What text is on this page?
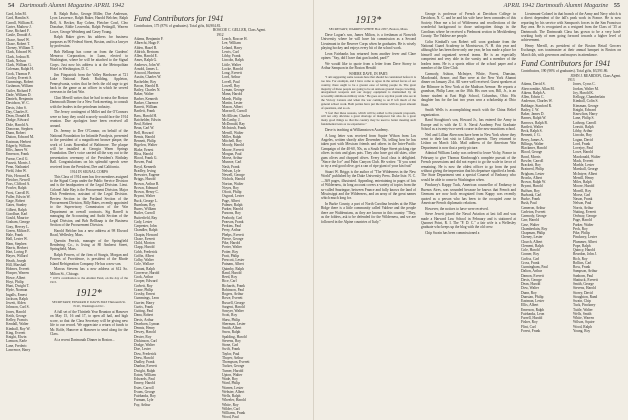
54 Dartmouth Alumni Magazine APRIL 1942
Card, John M.
Card, Hamlin S.
Carroll, William E.
Carter, Mathew J.
Case, Richard F.
Castle, Donald A.
Chace, Ansel W.
Chase, Robert T.
Cheney, William T.
Clark, Edward W.
Clark, Joshua B.
Clark, Nelson
Clark, William G.
Coleman, Ralph H.
Cook, Thomas P.
Cooley, Everett S.
Cummings, Robert
Cushman, William
Cutler, Richard F.
Dade, William D.
Daniels, Benjamin
Davidson, W. C.
Davis, John S.
Day, Charles E.
Dean, Donald B.
Dodge, Edward
Dole, Harold A.
Donovan, Stephen
Dunn, Robert
Dutton, Edward M.
Eastman, Herbert
Edgerly, William
Ellis, James W.
Emerson, Frank
Farrar, Cecil G.
Fassett, Morris J.
Fenn, Nathaniel
Field, John W.
Fitts, Howard K.
Fletcher, Newell
Foss, Clifford A.
Fowler, Ralph
Frost, Carroll B.
Fuller, Edwin W.
Gage, Robert
Gates, Stanley
Gilbert, Ralph
Goodhue, Karl
Gould, Maurice
Graham, George
Gray, Hervey L.
Green, Milton E.
Hale, Frank
Hall, Lester W.
Ham, Stephen
Harris, Herbert
Hart, Loring P.
Hayes, Willard
Heath, Joseph
Hill, Marshall
Holmes, Everett
Hooper, Warren
Howe, Albert
Hoyt, Philip
Hunt, Dwight T.
Hyde, Norman
Ingalls, Ernest
Jackson, Ralph
Jewett, Alden
Johnson, Carl S.
Jones, Harold
Keith, George
Kelley, Francis
Kendall, Walter
Kimball, Roy W.
King, Everett
Knight, Elwin
Lamson, Earle
Lane, Frederic
Lawrence, Harry

R. Ralph Bobo, George Miller, Doe Anderson, Lyon Lawrence, Ralph Baker, Harold Belcher, Ralph Bell, A. Becker, Ray Cohen, Fletcher Cowl, Cleo Donahue, Eddie Leavenlat, Ralph Pettingill, Warren Lowe, George Weinberg and Casey Young.

Ralph Baker gives his address for business purposes as 90 Federal Street, Boston, and is a lawyer by profession.

Bob Belknap has come on from the Gardens' Menorca Corporation, in Lunn, elected to Washington, where he will be attached to the Signal Corps. Just now his address is at the Metropolitan Hotel in Washington, D. C.

Jim Fitzpatrick from the Valley Hardware at 721 Lake National Bank Building, Appleton, Pennsylvania, writes that he feels the old urge to get back in the game as an officer in which he served overseas in the last War.

Clint Merrill writes that he had to miss the Boston Dartmouth Dinner for a New York meeting, to consult with the leaders in the petroleum industry.

The Jersey contingent of Millet and the O'Connors were so busy they could scarcely would face the 1914 reunion. Due apologies have been received all around.

Dr. Jeremy to Dee O'Connor, on behalf of the National Foundation for Infantile Paralysis, presented to the president of a magnificent bronze plaque, the work of Louis Rosenthal of Baltimore. The plaque will be installed at Georgia Warm Springs Foundation. Dee's voice carried all the way out to the presentation ceremony of the President's Birthday Ball. Congratulations on his splendid speech were received from the President, Dee and California.

1914 IN SIGNAL CORPS

This Class of 1914 men has five members assigned to the Signal Corps under the Public Service Division and is the headquarters of the Legal Division. Lieut. Colonel Julie Hay is the Procurement Division. Major Dick Pemberton, assistant of the Legal Division. Review Section in the Portland Section of the Procurement Division, Billy Bates, recently appointed to the Supervisory Commission of the War Department on overall contracts. Sig Barrell is managing the Accounting and Audit Section of the Legal Division, and Bob Bellknap is the Business Section of the Procurement Division.

Harold Belcher has a new address at 98 Elwood Road, Wellesley, Mass.

Quentin Ferrick, manager of the Springfield Rendering Co., is living at 80 Amherst Street, Springfield, Mass.

Ralph Powers, of the firm of Sturgis, Morgan and Powers of Providence, is president of the Rhode Island Refrigeration Company. He has a new son.

Marcus Stevens has a new address at 612 So. Milton St., Chicago.

* 100% contribution to the Alumni Fund, on the day of the 1915.
1912*
SECRETARY, EDWARD P. DAVIS 3643 Thirteenth St. N.W., Washington D.C.

A full set of the Thirtieth Year Reunion at Hanover on May 15, 16 and 17, to open all hail, and high score, so that the Class Secretary will be giving new life to our record. We appreciate a return of funds to Mr. Rolfe, Hanover at Hanover to send along for the Class.

At a recent Dartmouth Dinner in Boston...

Fund Contributors for 1941
Contributors, 175 (87% of graduates). Total gifts, $4,904.81.
ROSCOE C. GELLER, Class Agent.
1912
Adams, Benjamin F.
Albrecht, Hugo F.
Alden, Hazel B.
Aldrich, Bertram
Allen, Harold E.
Ames, Ralph G.
Andrews, John W.
Arnold, James L.
Atwood, Harrison
Austin, Charles W.
Bachelder, Roy
Bacon, Harold R.
Bailey, Charles N.
Baker, Walter
Barber, Kenneth
Barker, Clarence
Barrett, William
Bartlett, Frank
Bass, Harold H.
Batchelder, Edwin
Beal, Robert
Bean, Carl W.
Bell, Howard
Bemis, Harold
Bennett, Philip
Bigelow, Walter
Blake, Ernest
Bliss, Harold
Blood, Frank G.
Bowen, Paul
Boyd, Kenneth
Bradley, Irving
Brewster, Eugene
Briggs, Harold
Brown, Arthur B.
Brown, Edmund
Brown, Henry C.
Bryant, Walter
Buck, George L.
Burnham, Roy
Burns, William
Butler, Carroll
Butterfield, Ray
Cady, Lester
Carpenter, John
Chandler, Ralph
Chapin, Howard
Chase, Everett
Child, Morton
Clapp, Harold
Cobb, Frederick
Coffin, Albert
Colby, Walter
Cole, Wallace
Conant, Ralph
Converse, Harold
Cook, Arthur
Cooper, Edward
Corbett, Roy
Crane, Philip
Crosby, Ernest
Cummings, Leon
Currier, Harry
Curtis, Frank
Cutting, Paul
Dana, Robert
Davis, Arthur
Dearborn, Lyman
Dennis, Henry
Dewey, Harold
Dexter, Roy
Dickinson, Carl
Dodge, Walter
Doe, Lester
Dow, Frederick
Drew, Harold
Dudley, Frank
Dunbar, Everett
Dwight, Ralph
Eaton, William
Edwards, Paul
Emery, Harold
Estes, Carroll
Evans, George
Fairbanks, Roy
Farnum, Lyle
Fay, Arthur
Leach, Roscoe H.
Lee, William
Leland, Harry
Lewis, Carl
Libby, Frank
Lincoln, Ralph
Little, Walter
Locke, Harold
Long, Everett
Lord, Arthur
Lovell, Paul
Lowell, Roy
Lyman, George
Mann, Harold
Marsh, Philip
Martin, Lester
Mason, Albert
Maxwell, Carroll
McAllister, Charles
McCarthy, J.
McDonald, Ray
McIntosh, Frank
Merrill, Walter
Miller, Ralph
Mitchell, Roy
Moody, Harold
Moore, Everett
Morgan, Paul
Morse, Arthur
Munroe, Carl
Nash, Frank
Nelson, Lyle
Newell, George
Nichols, Harold
Norton, Walter
Noyes, Roy
Olcott, Philip
Osgood, Lester
Page, Albert
Palmer, Ralph
Parker, Harold
Parsons, Roy
Peabody, Carl
Pearson, Frank
Perkins, Paul
Perry, Arthur
Phelps, Everett
Pierce, George
Pike, Harold
Porter, Walter
Potter, Roy
Pratt, Philip
Prescott, Lester
Putnam, Albert
Quimby, Ralph
Rand, Harold
Reed, Roy
Rice, Carl
Richards, Frank
Robinson, Paul
Rogers, Arthur
Rowe, Everett
Russell, George
Sargent, Harold
Sawyer, Walter
Scott, Roy
Shaw, Philip
Sherman, Lester
Smith, Albert
Snow, Ralph
Spalding, Harold
Stevens, Roy
Stone, Carl
Swift, Frank
Taylor, Paul
Thayer, Arthur
Thompson, Everett
Tucker, George
Turner, Harold
Upton, Walter
Wade, Roy
Ward, Philip
Warren, Lester
Webster, Albert
Wells, Ralph
Wheeler, Harold
White, Roy
Wilder, Carl
Williams, Frank
Wood, Paul
APRIL 1942 Dartmouth Alumni Magazine 55
1913*
SECRETARY, WARREN WHITE Box 2057, Boston, Mass.

Dave Logan's son, James Milton, is a freshman at Norwich University where he will have his commission as a Second Lieutenant in the Reserve Corps when he graduates. He is wisely playing hockey and enjoys every bit of the school work.

Leon Fairbanks has returned from another fever and Clare opines: "Say, did I have that gun loaded, pard?"

We would like to quote from a letter from Dave Storey to Arthur Sampson in the Boston Herald:

WHERE DAVE, IN PART:

"I am suggesting some reasons here that should be considered before it is too late. For example, and I have come to agree in the armed forces of our country, there ought to be a greater ease of letting people in. The great majority of these people are going to be an anxious ground troops crowding, unorganized weapons and our sloppy equipment is maintained by an accessibly ambitious military wide." He goes on to say that youth who are in the Victory Centers and when the war coming to an E left much of the general school work. Both parties have put the matter with no great amount of questions, and so on.

"I feel that these reasons, which will be added to the present proposals, will not only alleviate a great shortage of manpower but also do a great many good things so that the country may be used to better meeting such fundamental tests as we experience."

Dave is teaching at Williamstown Academy.

A long letter was received from Squire Wilson from Los Angeles, written shortly after December 7th, telling how he has taken part with Mexican friends and others in the Inter-Pacific Campaign of the 40-60, 50s, as a South Hope Street picking ripe olives in riots and glass pots. They also have got old skies, olive guns olives and chopped olives. Every local class is delighted. "Since the Ice" and Palm Canyon Club. He writes: "If you want to try a real good olive, get a can of ripe giant of your kin fruit"

Stuart W. Briggs is the author of "The Wilderness in the New World" published by the Duke University Press. Duke lists: N. C.—369 pages, illustrated. Appealing, entertaining in pages of lots of Wilderness, its long account covers a variety of topics from the so-called Snaringue, between France and fully knows the land of Mississippi and the Wilderness, and an array of the great names which much long for.

In Burke County, a part of North Carolina besides at the Blue Ridge there is a little community called Valdese and the people there are Waldensians, as they are known in this country. "They, as the folders, ask to be defended for the Wilderness, and we are followed in the Alpine countries of Italy."

George is professor of French at Davidson College in Davidson, N. C. and he and his wife have been comrades of this Society. Hear me a lot of Wilderness and recollections of the wonderful background to those unforgotten things in the Carolinas where he received a Piedmont section in Mecklenberg County. The Valdese are people.

Colin Kimball's son Robert will soon graduate from the National Guard Academy in Morristown, N. H. this year and although he has been there only one year, he has made a place for himself and organized several teams. He is an especially competent and very able in the varsity and a member of the leaders team. He is a sports editor of the school paper and a member of the Glee Club.

Carmody, Ashton, McIntyre, White, Forest, Dunstan, Macdonald, Arnorr, and Barr were at the New York Alumni dinner on January 21st. All were well received. Guest speakers at the Biltmore in New York at the Madison Avenue. He reports a grandson, Philip Lane, on the 18th. His own son, Bill, Jr., is an honor student at East High School, Columbus, Ohio. His daughter has for the last two years won a scholarship at Ohio State.

Smith Wells is accomplishing much with the China Relief organization.

Rand Stoughton's son, Howard Jr., has entered the Army in Europe and is with the U. S. Naval Academy Post Graduate School as a twenty-two-week course in the new munitions school.

Neil and Lillian Abercrom have been in New York where they went to their last visit to Lillian's parents. They returned to Lisbon on March 14th. Mail address of the American War Department is now that a pretty picture.

Admiral William Leahy was ordered to leave Vichy, France in February to give Thomas Kimbrough's complete pursuit of the French possessions and did not expect to go the scale in favor of remaining. He is now the oldest officer to go from the post without giving the impression that his departure signified a break. The State Department sent a special Counsel of Embassy who would be able to come to Washington when.

Pinckney's Kappy Tuck, American counsellor of Embassy in Buenos Aires, was wounded because he knows that French and Germans are now both recognized from Kappy was recently quoted as a person who has been to the occupied zone in American-French diplomatic relations.

However, the notices to have were received.

Steve Jewett joined the Naval Aviation at last fall and was made a Harvard Law School in February and is stationed at Quonset Point, R. I. The "F. D. C." a fair wife is a Wellesley graduate who keeps up the blog with the old crew.

Chip Swain has been commissioned a

Lieutenant-Colonel in that branch of the Army and Navy which is a direct dependent of the fall's peak work in France. He is now reporting by his service with Sampson's forces in the San Francisco Bay area. He is recognized as a resigned from the Class of '35 at Dartmouth. The Dartmouth Class has grown to be a very hard-working body of men going forward towards a higher level of achievement.

Henry Merrill, as president of the Boston Retail Grocers Exchange, was toastmaster at their annual banquet in Boston on March 4th, with governors and mayors in attendance.

Fund Contributors for 1941
Contributors, 190 (90% of graduates). Total gifts, $3,591.86.
JOHN J. REARDON, Class Agent.
1913
Adams, David S.
Abercrombie, Allan M.
Aikens, Ralph A.
Allen, Edwin C.
Anderson, Charles W.
Babbage, Stanford R.
Bailey, J. W.
Baker, James D.
Barnes, Ralph W.
Barrows, Ralph B.
Bartlett, Walter
Beck, Ralph S.
Bennett, J. G.
Berry, James A.
Billings, Walter
Blackmer, Harold
Blood, George
Bond, Morris
Bowler, Carroll
Brackett, Roy
Brainerd, Philip
Brigham, Lester
Brooks, Albert
Brown, Ralph W.
Bryant, Harold
Buffum, Roy
Burbank, Carl
Burke, Frank
Bush, Paul
Cameron, Arthur
Carleton, Everett
Carmody, George
Carr, Harold
Case, Walter
Chamberlain, Roy
Chapman, Philip
Cheney, Lester
Church, Albert
Clement, Ralph
Cole, Harold
Conner, Roy
Corliss, Carl
Cross, Frank
Cunningham, Paul
Dalton, Arthur
Damon, Everett
Davis, George
Dean, Harold
Dow, Walter
Dunn, Roy
Dunstan, Philip
Eastman, Lester
Ellis, Albert
Emerson, Ralph
Fairbanks, Leon
Farrell, Harold
Fisher, Roy
Flint, Carl
Forest, Frank
Jones, Cyrus C.
Jordan, Walter M.
Joy, Harold K.
Kellogg, Chamberlain
Kimball, Colin S.
Kinsman, George
Knight, Edward
Knowlton, Harry
Lane, Philip S.
Lathrop, Carroll
Leavitt, Ralph
Libby, Arthur
Lincoln, Roy
Logan, David
Lord, Frank
Lovejoy, Paul
Lowe, Harold
Macdonald, Walter
Mack, Everett
Marble, Lester
Marshall, George
McIntyre, Albert
Merrill, Henry
Miles, Ralph
Moore, Harold
Morrill, Roy
Morse, Carl
Nason, Frank
Nelson, Paul
Norris, Arthur
Nutting, Everett
Ordway, George
Page, Harold
Parker, Walter
Peck, Roy
Pike, Philip
Pinckney, Lester
Plummer, Albert
Pope, Ralph
Quincy, Harold
Reardon, John J.
Rich, Roy
Rollins, Carl
Ross, Frank
Sampson, Arthur
Sanborn, Paul
Shattuck, Everett
Smith, George
Stevens, Harold
Storey, David
Stoughton, Rand
Swain, Chip
Tuck, Pinckney
Tuttle, Walter
Wells, Smith
White, Warren
Wilson, Squire
Wood, Ralph
Young, Roy
